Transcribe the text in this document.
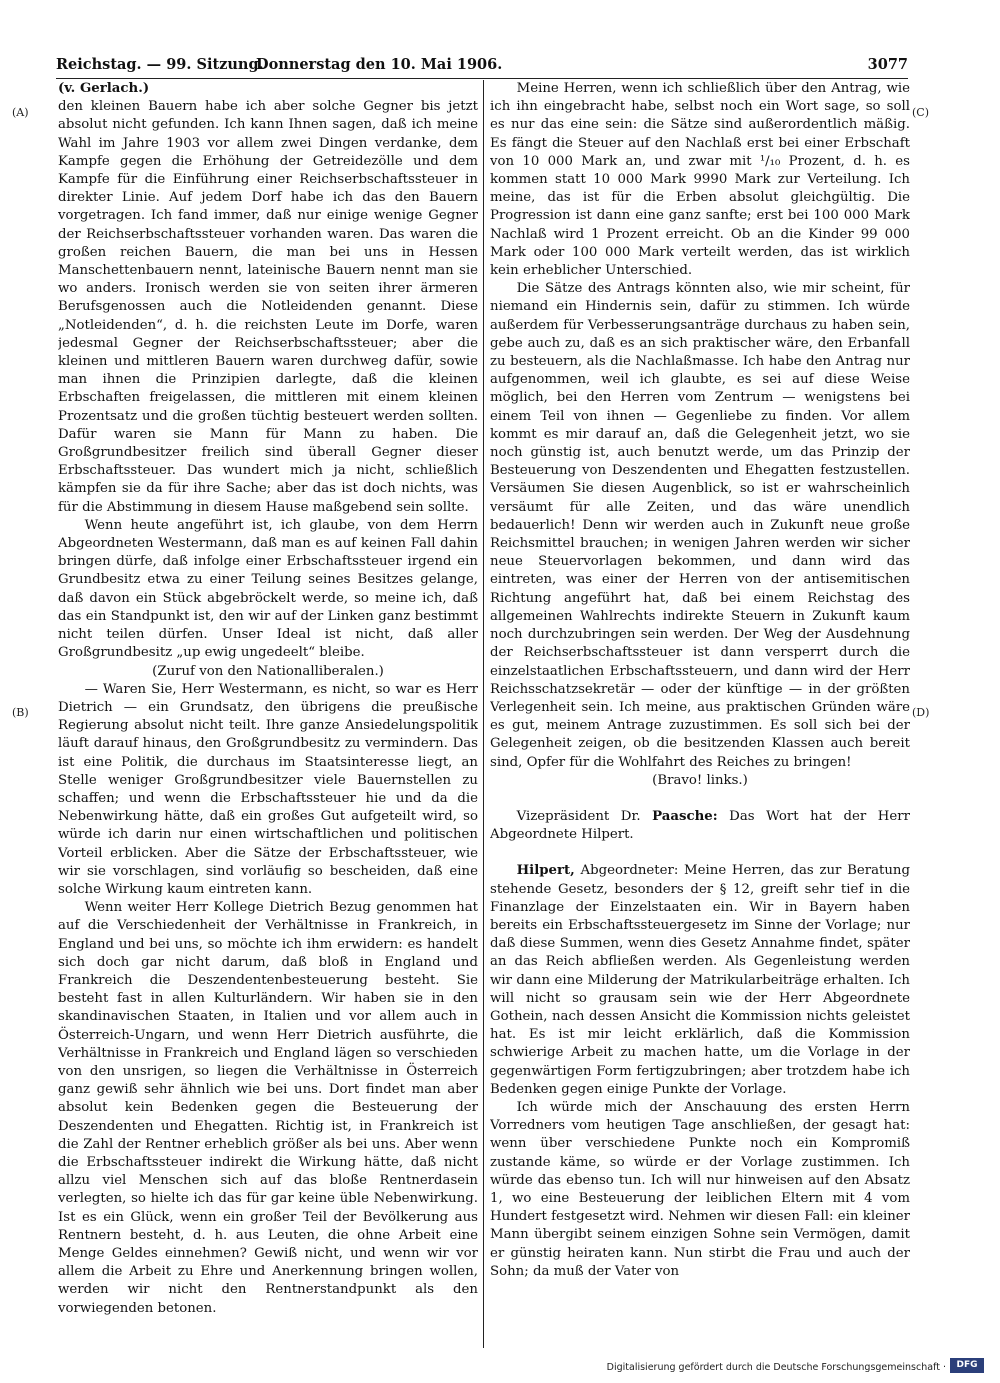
Reichstag. — 99. Sitzung.
Donnerstag den 10. Mai 1906.	3077
(A)
(B)
(C)
(D)

(v. Gerlach.)

den kleinen Bauern habe ich aber solche Gegner bis jetzt absolut nicht gefunden. Ich kann Ihnen sagen, daß ich meine Wahl im Jahre 1903 vor allem zwei Dingen verdanke, dem Kampfe gegen die Erhöhung der Getreidezölle und dem Kampfe für die Einführung einer Reichserbschaftssteuer in direkter Linie. Auf jedem Dorf habe ich das den Bauern vorgetragen. Ich fand immer, daß nur einige wenige Gegner der Reichserbschaftssteuer vorhanden waren. Das waren die großen reichen Bauern, die man bei uns in Hessen Manschettenbauern nennt, lateinische Bauern nennt man sie wo anders. Ironisch werden sie von seiten ihrer ärmeren Berufsgenossen auch die Notleidenden genannt. Diese „Notleidenden“, d. h. die reichsten Leute im Dorfe, waren jedesmal Gegner der Reichserbschaftssteuer; aber die kleinen und mittleren Bauern waren durchweg dafür, sowie man ihnen die Prinzipien darlegte, daß die kleinen Erbschaften freigelassen, die mittleren mit einem kleinen Prozentsatz und die großen tüchtig besteuert werden sollten. Dafür waren sie Mann für Mann zu haben. Die Großgrundbesitzer freilich sind überall Gegner dieser Erbschaftssteuer. Das wundert mich ja nicht, schließlich kämpfen sie da für ihre Sache; aber das ist doch nichts, was für die Abstimmung in diesem Hause maßgebend sein sollte.

Wenn heute angeführt ist, ich glaube, von dem Herrn Abgeordneten Westermann, daß man es auf keinen Fall dahin bringen dürfe, daß infolge einer Erbschaftssteuer irgend ein Grundbesitz etwa zu einer Teilung seines Besitzes gelange, daß davon ein Stück abgebröckelt werde, so meine ich, daß das ein Standpunkt ist, den wir auf der Linken ganz bestimmt nicht teilen dürfen. Unser Ideal ist nicht, daß aller Großgrundbesitz „up ewig ungedeelt“ bleibe.

(Zuruf von den Nationalliberalen.)

— Waren Sie, Herr Westermann, es nicht, so war es Herr Dietrich — ein Grundsatz, den übrigens die preußische Regierung absolut nicht teilt. Ihre ganze Ansiedelungspolitik läuft darauf hinaus, den Großgrundbesitz zu vermindern. Das ist eine Politik, die durchaus im Staatsinteresse liegt, an Stelle weniger Großgrundbesitzer viele Bauernstellen zu schaffen; und wenn die Erbschaftssteuer hie und da die Nebenwirkung hätte, daß ein großes Gut aufgeteilt wird, so würde ich darin nur einen wirtschaftlichen und politischen Vorteil erblicken. Aber die Sätze der Erbschaftssteuer, wie wir sie vorschlagen, sind vorläufig so bescheiden, daß eine solche Wirkung kaum eintreten kann.

Wenn weiter Herr Kollege Dietrich Bezug genommen hat auf die Verschiedenheit der Verhältnisse in Frankreich, in England und bei uns, so möchte ich ihm erwidern: es handelt sich doch gar nicht darum, daß bloß in England und Frankreich die Deszendentenbesteuerung besteht. Sie besteht fast in allen Kulturländern. Wir haben sie in den skandinavischen Staaten, in Italien und vor allem auch in Österreich-Ungarn, und wenn Herr Dietrich ausführte, die Verhältnisse in Frankreich und England lägen so verschieden von den unsrigen, so liegen die Verhältnisse in Österreich ganz gewiß sehr ähnlich wie bei uns. Dort findet man aber absolut kein Bedenken gegen die Besteuerung der Deszendenten und Ehegatten. Richtig ist, in Frankreich ist die Zahl der Rentner erheblich größer als bei uns. Aber wenn die Erbschaftssteuer indirekt die Wirkung hätte, daß nicht allzu viel Menschen sich auf das bloße Rentnerdasein verlegten, so hielte ich das für gar keine üble Nebenwirkung. Ist es ein Glück, wenn ein großer Teil der Bevölkerung aus Rentnern besteht, d. h. aus Leuten, die ohne Arbeit eine Menge Geldes einnehmen? Gewiß nicht, und wenn wir vor allem die Arbeit zu Ehre und Anerkennung bringen wollen, werden wir nicht den Rentnerstandpunkt als den vorwiegenden betonen.

Meine Herren, wenn ich schließlich über den Antrag, wie ich ihn eingebracht habe, selbst noch ein Wort sage, so soll es nur das eine sein: die Sätze sind außerordentlich mäßig. Es fängt die Steuer auf den Nachlaß erst bei einer Erbschaft von 10 000 Mark an, und zwar mit ¹/₁₀ Prozent, d. h. es kommen statt 10 000 Mark 9990 Mark zur Verteilung. Ich meine, das ist für die Erben absolut gleichgültig. Die Progression ist dann eine ganz sanfte; erst bei 100 000 Mark Nachlaß wird 1 Prozent erreicht. Ob an die Kinder 99 000 Mark oder 100 000 Mark verteilt werden, das ist wirklich kein erheblicher Unterschied.

Die Sätze des Antrags könnten also, wie mir scheint, für niemand ein Hindernis sein, dafür zu stimmen. Ich würde außerdem für Verbesserungsanträge durchaus zu haben sein, gebe auch zu, daß es an sich praktischer wäre, den Erbanfall zu besteuern, als die Nachlaßmasse. Ich habe den Antrag nur aufgenommen, weil ich glaubte, es sei auf diese Weise möglich, bei den Herren vom Zentrum — wenigstens bei einem Teil von ihnen — Gegenliebe zu finden. Vor allem kommt es mir darauf an, daß die Gelegenheit jetzt, wo sie noch günstig ist, auch benutzt werde, um das Prinzip der Besteuerung von Deszendenten und Ehegatten festzustellen. Versäumen Sie diesen Augenblick, so ist er wahrscheinlich versäumt für alle Zeiten, und das wäre unendlich bedauerlich! Denn wir werden auch in Zukunft neue große Reichsmittel brauchen; in wenigen Jahren werden wir sicher neue Steuervorlagen bekommen, und dann wird das eintreten, was einer der Herren von der antisemitischen Richtung angeführt hat, daß bei einem Reichstag des allgemeinen Wahlrechts indirekte Steuern in Zukunft kaum noch durchzubringen sein werden. Der Weg der Ausdehnung der Reichserbschaftssteuer ist dann versperrt durch die einzelstaatlichen Erbschaftssteuern, und dann wird der Herr Reichsschatzsekretär — oder der künftige — in der größten Verlegenheit sein. Ich meine, aus praktischen Gründen wäre es gut, meinem Antrage zuzustimmen. Es soll sich bei der Gelegenheit zeigen, ob die besitzenden Klassen auch bereit sind, Opfer für die Wohlfahrt des Reiches zu bringen!

(Bravo! links.)

Vizepräsident Dr. Paasche: Das Wort hat der Herr Abgeordnete Hilpert.

Hilpert, Abgeordneter: Meine Herren, das zur Beratung stehende Gesetz, besonders der § 12, greift sehr tief in die Finanzlage der Einzelstaaten ein. Wir in Bayern haben bereits ein Erbschaftssteuergesetz im Sinne der Vorlage; nur daß diese Summen, wenn dies Gesetz Annahme findet, später an das Reich abfließen werden. Als Gegenleistung werden wir dann eine Milderung der Matrikularbeiträge erhalten. Ich will nicht so grausam sein wie der Herr Abgeordnete Gothein, nach dessen Ansicht die Kommission nichts geleistet hat. Es ist mir leicht erklärlich, daß die Kommission schwierige Arbeit zu machen hatte, um die Vorlage in der gegenwärtigen Form fertigzubringen; aber trotzdem habe ich Bedenken gegen einige Punkte der Vorlage.

Ich würde mich der Anschauung des ersten Herrn Vorredners vom heutigen Tage anschließen, der gesagt hat: wenn über verschiedene Punkte noch ein Kompromiß zustande käme, so würde er der Vorlage zustimmen. Ich würde das ebenso tun. Ich will nur hinweisen auf den Absatz 1, wo eine Besteuerung der leiblichen Eltern mit 4 vom Hundert festgesetzt wird. Nehmen wir diesen Fall: ein kleiner Mann übergibt seinem einzigen Sohne sein Vermögen, damit er günstig heiraten kann. Nun stirbt die Frau und auch der Sohn; da muß der Vater von

Digitalisierung gefördert durch die Deutsche Forschungsgemeinschaft ·	DFG
